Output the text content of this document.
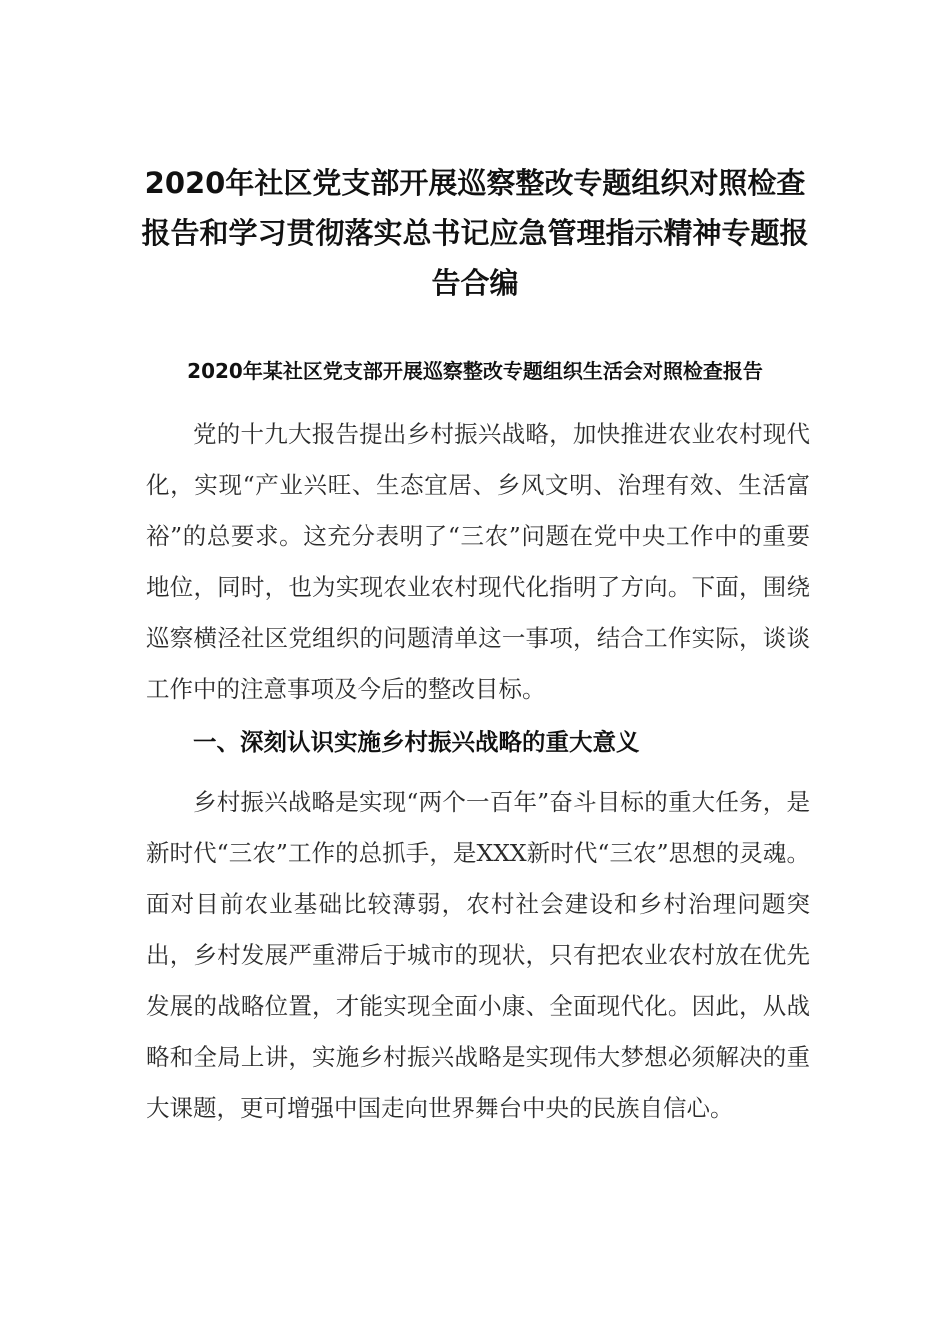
2020年社区党支部开展巡察整改专题组织对照检查报告和学习贯彻落实总书记应急管理指示精神专题报告合编
2020年某社区党支部开展巡察整改专题组织生活会对照检查报告

党的十九大报告提出乡村振兴战略，加快推进农业农村现代化，实现“产业兴旺、生态宜居、乡风文明、治理有效、生活富裕”的总要求。这充分表明了“三农”问题在党中央工作中的重要地位，同时，也为实现农业农村现代化指明了方向。下面，围绕巡察横泾社区党组织的问题清单这一事项，结合工作实际，谈谈工作中的注意事项及今后的整改目标。

一、深刻认识实施乡村振兴战略的重大意义

乡村振兴战略是实现“两个一百年”奋斗目标的重大任务，是新时代“三农”工作的总抓手，是XXX新时代“三农”思想的灵魂。面对目前农业基础比较薄弱，农村社会建设和乡村治理问题突出，乡村发展严重滞后于城市的现状，只有把农业农村放在优先发展的战略位置，才能实现全面小康、全面现代化。因此，从战略和全局上讲，实施乡村振兴战略是实现伟大梦想必须解决的重大课题，更可增强中国走向世界舞台中央的民族自信心。
